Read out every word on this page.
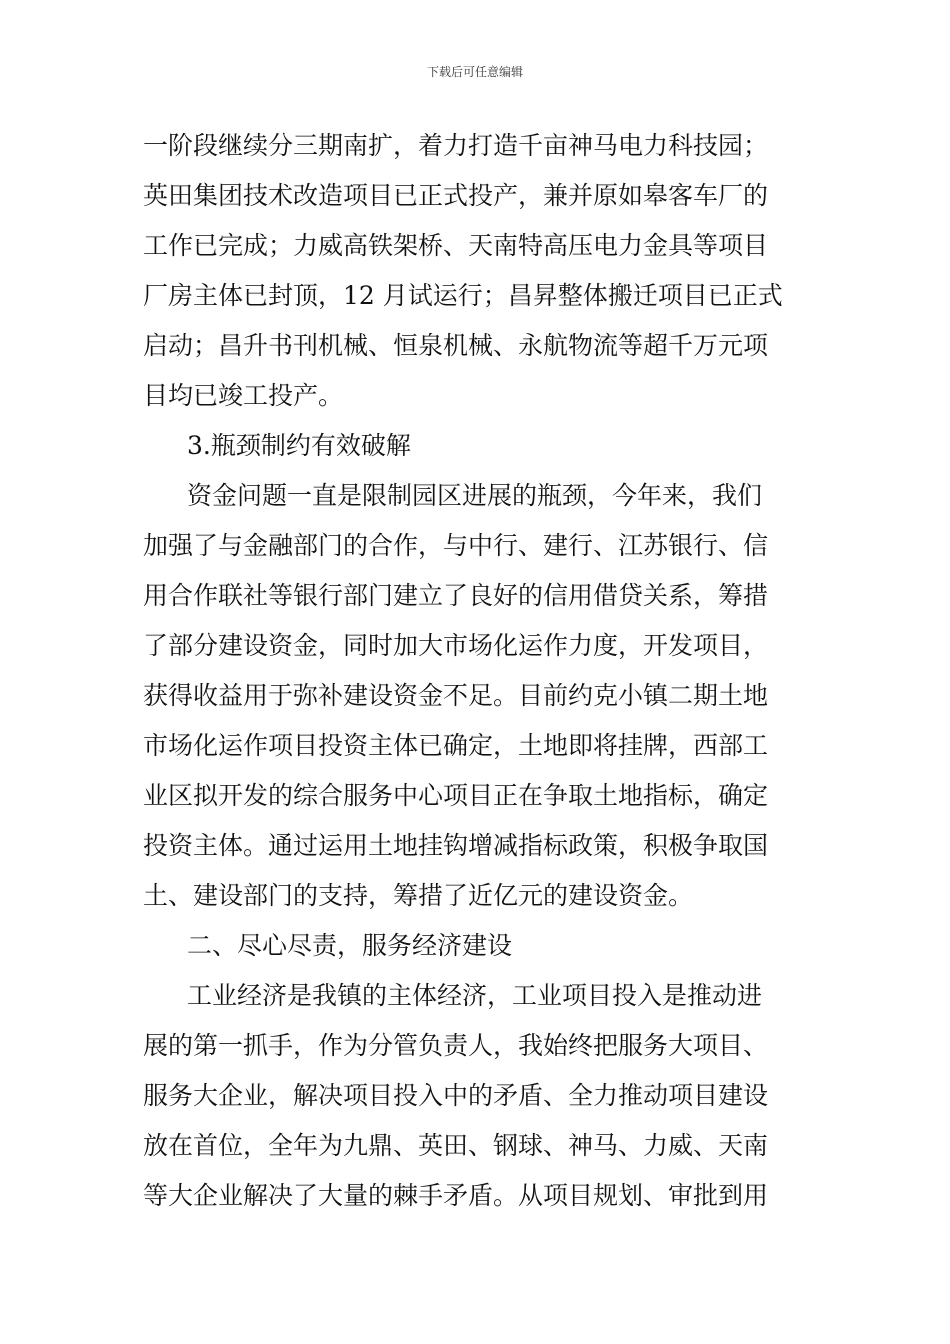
下载后可任意编辑
一阶段继续分三期南扩，着力打造千亩神马电力科技园；
英田集团技术改造项目已正式投产，兼并原如皋客车厂的
工作已完成；力威高铁架桥、天南特高压电力金具等项目
厂房主体已封顶，12 月试运行；昌昇整体搬迁项目已正式
启动；昌升书刊机械、恒泉机械、永航物流等超千万元项
目均已竣工投产。
3.瓶颈制约有效破解
资金问题一直是限制园区进展的瓶颈，今年来，我们
加强了与金融部门的合作，与中行、建行、江苏银行、信
用合作联社等银行部门建立了良好的信用借贷关系，筹措
了部分建设资金，同时加大市场化运作力度，开发项目，
获得收益用于弥补建设资金不足。目前约克小镇二期土地
市场化运作项目投资主体已确定，土地即将挂牌，西部工
业区拟开发的综合服务中心项目正在争取土地指标，确定
投资主体。通过运用土地挂钩增减指标政策，积极争取国
土、建设部门的支持，筹措了近亿元的建设资金。
二、尽心尽责，服务经济建设
工业经济是我镇的主体经济，工业项目投入是推动进
展的第一抓手，作为分管负责人，我始终把服务大项目、
服务大企业，解决项目投入中的矛盾、全力推动项目建设
放在首位，全年为九鼎、英田、钢球、神马、力威、天南
等大企业解决了大量的棘手矛盾。从项目规划、审批到用
